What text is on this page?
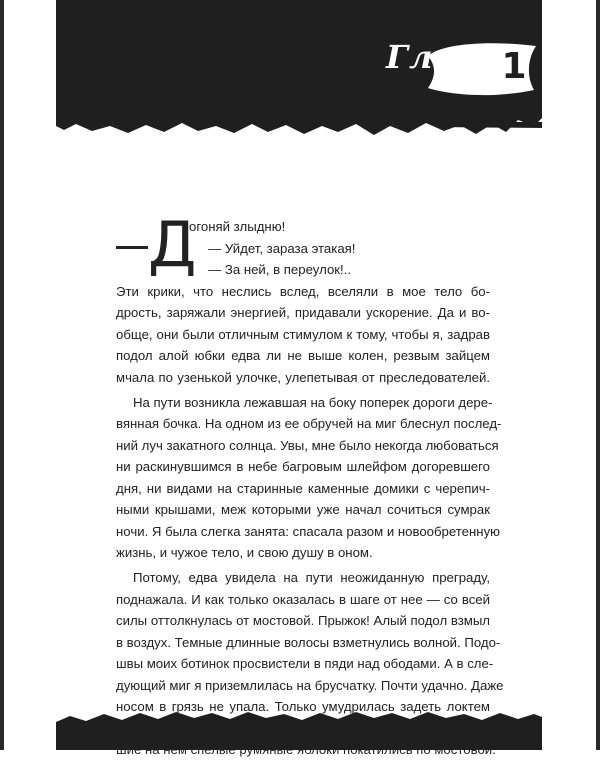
Глава 1
Д
огоняй злыдню!
— Уйдет, зараза этакая!
— За ней, в переулок!..
Эти крики, что неслись вслед, вселяли в мое тело бо-
дрость, заряжали энергией, придавали ускорение. Да и во-
обще, они были отличным стимулом к тому, чтобы я, задрав
подол алой юбки едва ли не выше колен, резвым зайцем
мчала по узенькой улочке, улепетывая от преследователей.
На пути возникла лежавшая на боку поперек дороги дере-
вянная бочка. На одном из ее обручей на миг блеснул послед-
ний луч закатного солнца. Увы, мне было некогда любоваться
ни раскинувшимся в небе багровым шлейфом догоревшего
дня, ни видами на старинные каменные домики с черепич-
ными крышами, меж которыми уже начал сочиться сумрак
ночи. Я была слегка занята: спасала разом и новообретенную
жизнь, и чужое тело, и свою душу в оном.
Потому, едва увидела на пути неожиданную преграду,
поднажала. И как только оказалась в шаге от нее — со всей
силы оттолкнулась от мостовой. Прыжок! Алый подол взмыл
в воздух. Темные длинные волосы взметнулись волной. Подо-
швы моих ботинок просвистели в пяди над ободами. А в сле-
дующий миг я приземлилась на брусчатку. Почти удачно. Даже
носом в грязь не упала. Только умудрилась задеть локтем
